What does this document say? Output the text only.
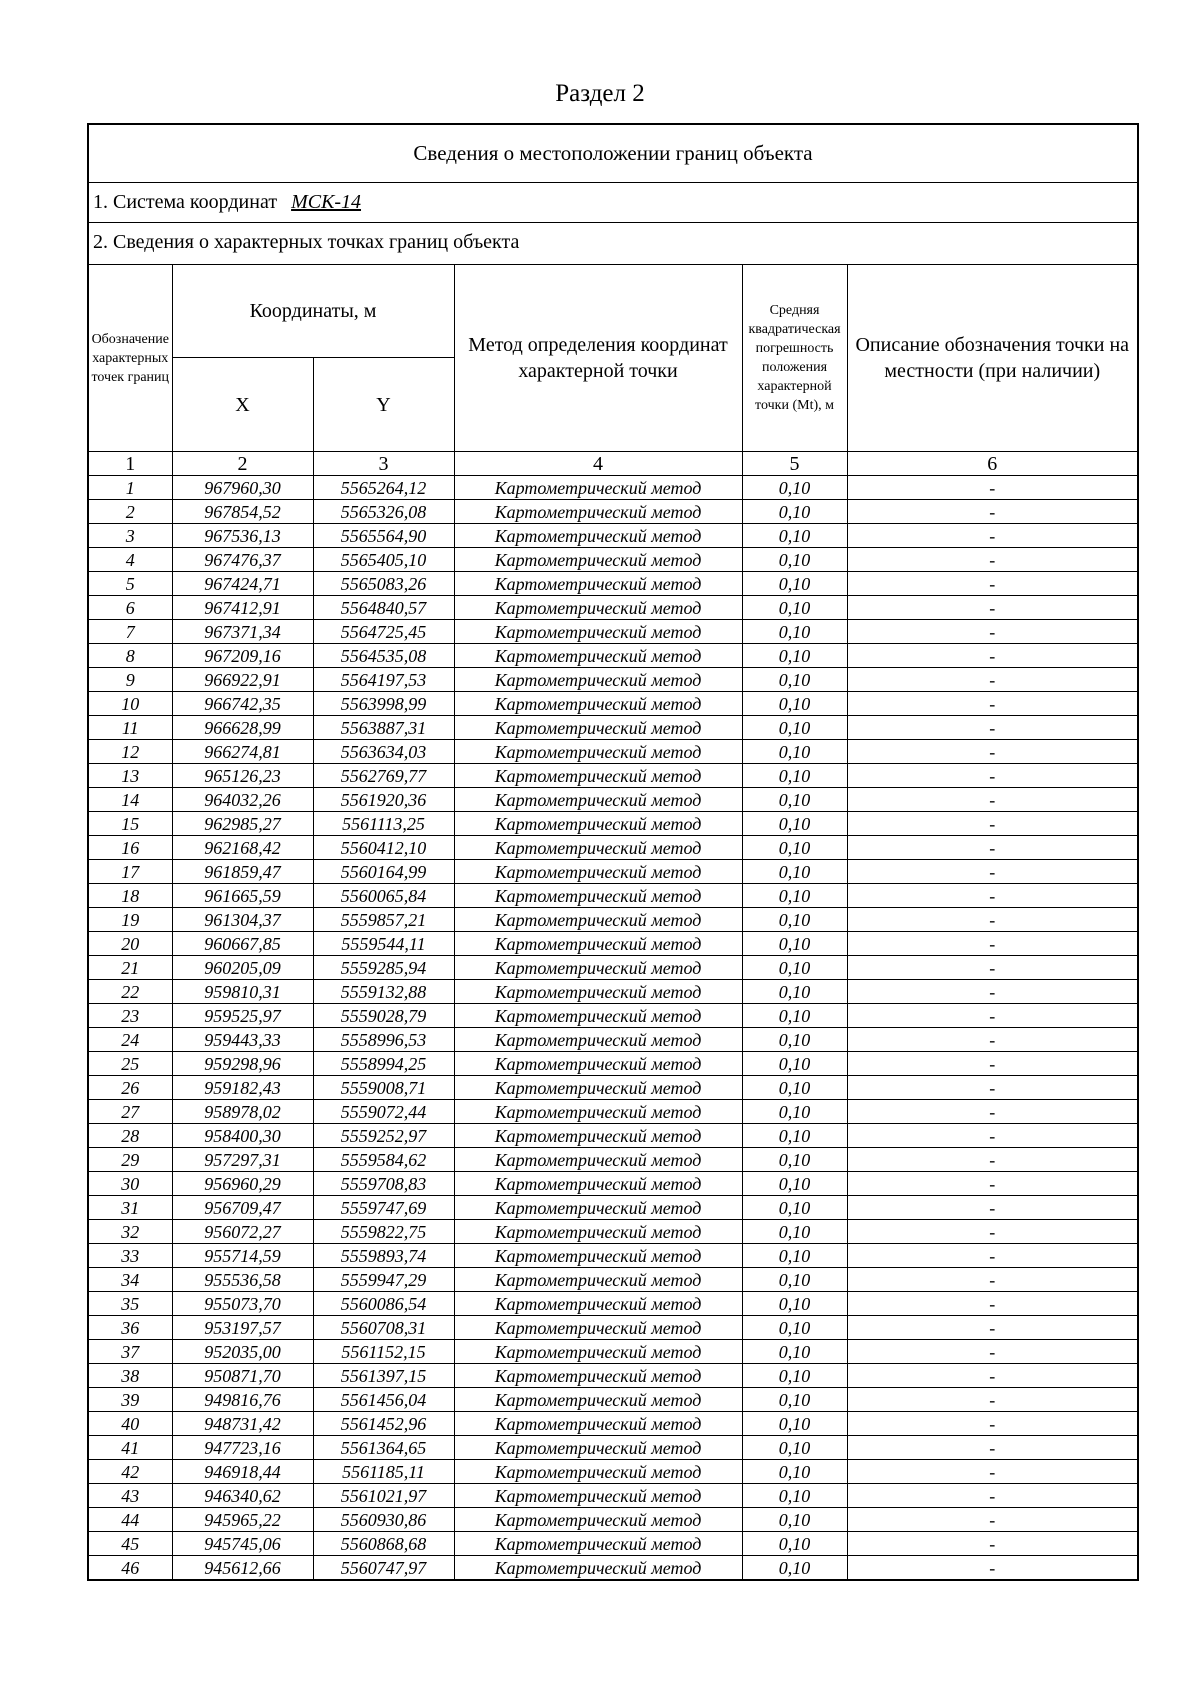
Раздел 2
Сведения о местоположении границ объекта
1. Система координат МСК-14
2. Сведения о характерных точках границ объекта
Обозначение характерных точек границ	Координаты, м		Метод определения координат характерной точки	Средняя квадратическая погрешность положения характерной точки (Mt), м	Описание обозначения точки на местности (при наличии)
	X	Y			
1	2	3	4	5	6
1	967960,30	5565264,12	Картометрический метод	0,10	-
2	967854,52	5565326,08	Картометрический метод	0,10	-
3	967536,13	5565564,90	Картометрический метод	0,10	-
4	967476,37	5565405,10	Картометрический метод	0,10	-
5	967424,71	5565083,26	Картометрический метод	0,10	-
6	967412,91	5564840,57	Картометрический метод	0,10	-
7	967371,34	5564725,45	Картометрический метод	0,10	-
8	967209,16	5564535,08	Картометрический метод	0,10	-
9	966922,91	5564197,53	Картометрический метод	0,10	-
10	966742,35	5563998,99	Картометрический метод	0,10	-
11	966628,99	5563887,31	Картометрический метод	0,10	-
12	966274,81	5563634,03	Картометрический метод	0,10	-
13	965126,23	5562769,77	Картометрический метод	0,10	-
14	964032,26	5561920,36	Картометрический метод	0,10	-
15	962985,27	5561113,25	Картометрический метод	0,10	-
16	962168,42	5560412,10	Картометрический метод	0,10	-
17	961859,47	5560164,99	Картометрический метод	0,10	-
18	961665,59	5560065,84	Картометрический метод	0,10	-
19	961304,37	5559857,21	Картометрический метод	0,10	-
20	960667,85	5559544,11	Картометрический метод	0,10	-
21	960205,09	5559285,94	Картометрический метод	0,10	-
22	959810,31	5559132,88	Картометрический метод	0,10	-
23	959525,97	5559028,79	Картометрический метод	0,10	-
24	959443,33	5558996,53	Картометрический метод	0,10	-
25	959298,96	5558994,25	Картометрический метод	0,10	-
26	959182,43	5559008,71	Картометрический метод	0,10	-
27	958978,02	5559072,44	Картометрический метод	0,10	-
28	958400,30	5559252,97	Картометрический метод	0,10	-
29	957297,31	5559584,62	Картометрический метод	0,10	-
30	956960,29	5559708,83	Картометрический метод	0,10	-
31	956709,47	5559747,69	Картометрический метод	0,10	-
32	956072,27	5559822,75	Картометрический метод	0,10	-
33	955714,59	5559893,74	Картометрический метод	0,10	-
34	955536,58	5559947,29	Картометрический метод	0,10	-
35	955073,70	5560086,54	Картометрический метод	0,10	-
36	953197,57	5560708,31	Картометрический метод	0,10	-
37	952035,00	5561152,15	Картометрический метод	0,10	-
38	950871,70	5561397,15	Картометрический метод	0,10	-
39	949816,76	5561456,04	Картометрический метод	0,10	-
40	948731,42	5561452,96	Картометрический метод	0,10	-
41	947723,16	5561364,65	Картометрический метод	0,10	-
42	946918,44	5561185,11	Картометрический метод	0,10	-
43	946340,62	5561021,97	Картометрический метод	0,10	-
44	945965,22	5560930,86	Картометрический метод	0,10	-
45	945745,06	5560868,68	Картометрический метод	0,10	-
46	945612,66	5560747,97	Картометрический метод	0,10	-
